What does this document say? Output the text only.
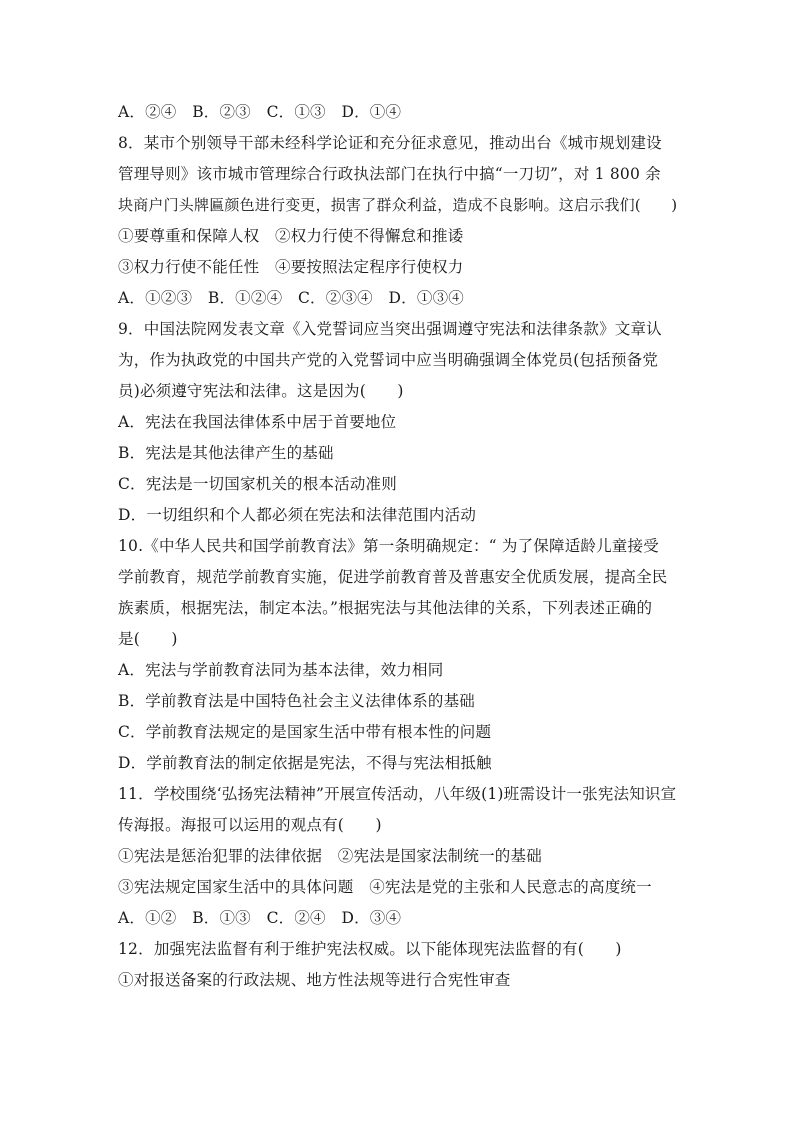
A．②④　B．②③　C．①③　D．①④
8．某市个别领导干部未经科学论证和充分征求意见，推动出台《城市规划建设
管理导则》该市城市管理综合行政执法部门在执行中搞“一刀切”，对 1 800 余
块商户门头牌匾颜色进行变更，损害了群众利益，造成不良影响。这启示我们(　　)
①要尊重和保障人权　②权力行使不得懈怠和推诿
③权力行使不能任性　④要按照法定程序行使权力
A．①②③　B．①②④　C．②③④　D．①③④
9．中国法院网发表文章《入党誓词应当突出强调遵守宪法和法律条款》文章认
为，作为执政党的中国共产党的入党誓词中应当明确强调全体党员(包括预备党
员)必须遵守宪法和法律。这是因为(　　)
A．宪法在我国法律体系中居于首要地位
B．宪法是其他法律产生的基础
C．宪法是一切国家机关的根本活动准则
D．一切组织和个人都必须在宪法和法律范围内活动
10.《中华人民共和国学前教育法》第一条明确规定：“ 为了保障适龄儿童接受
学前教育，规范学前教育实施，促进学前教育普及普惠安全优质发展，提高全民
族素质，根据宪法，制定本法。”根据宪法与其他法律的关系，下列表述正确的
是(　　)
A．宪法与学前教育法同为基本法律，效力相同
B．学前教育法是中国特色社会主义法律体系的基础
C．学前教育法规定的是国家生活中带有根本性的问题
D．学前教育法的制定依据是宪法，不得与宪法相抵触
11．学校围绕‘弘扬宪法精神”开展宣传活动，八年级(1)班需设计一张宪法知识宣
传海报。海报可以运用的观点有(　　)
①宪法是惩治犯罪的法律依据　②宪法是国家法制统一的基础
③宪法规定国家生活中的具体问题　④宪法是党的主张和人民意志的高度统一
A．①②　B．①③　C．②④　D．③④
12．加强宪法监督有利于维护宪法权威。以下能体现宪法监督的有(　　)
①对报送备案的行政法规、地方性法规等进行合宪性审查
